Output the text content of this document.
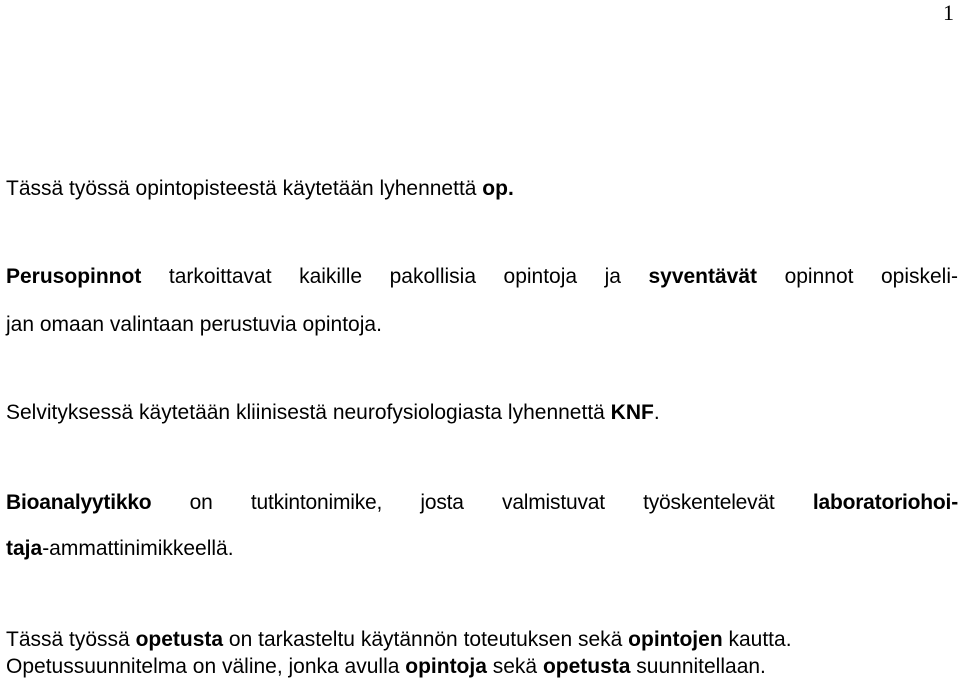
1
Tässä työssä opintopisteestä käytetään lyhennettä op.
Perusopinnot tarkoittavat kaikille pakollisia opintoja ja syventävät opinnot opiskeli-
jan omaan valintaan perustuvia opintoja.
Selvityksessä käytetään kliinisestä neurofysiologiasta lyhennettä KNF.
Bioanalyytikko on tutkintonimike, josta valmistuvat työskentelevät laboratoriohoi-
taja-ammattinimikkeellä.
Tässä työssä opetusta on tarkasteltu käytännön toteutuksen sekä opintojen kautta.
Opetussuunnitelma on väline, jonka avulla opintoja sekä opetusta suunnitellaan.
